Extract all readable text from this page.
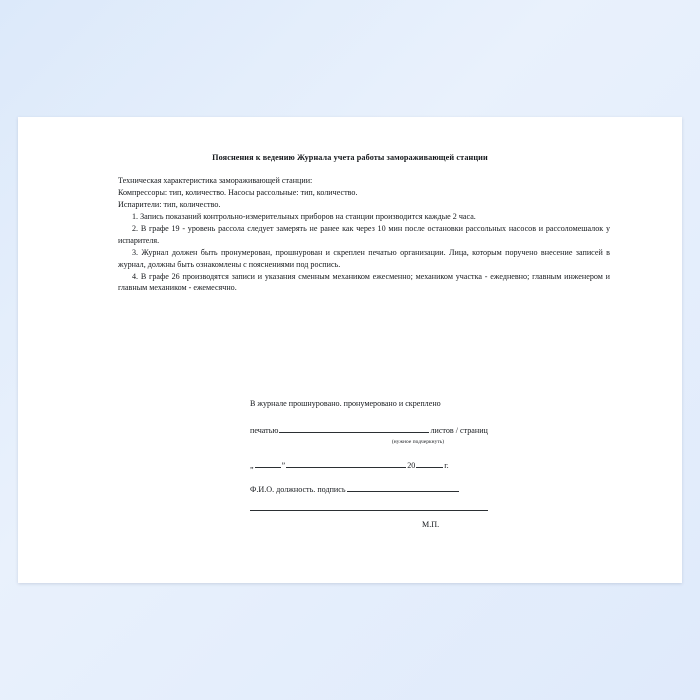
Пояснения к ведению Журнала учета работы замораживающей станции

Техническая характеристика замораживающей станции:

Компрессоры: тип, количество. Насосы рассольные: тип, количество.

Испарители: тип, количество.

1. Запись показаний контрольно-измерительных приборов на станции производится каждые 2 часа.

2. В графе 19 - уровень рассола следует замерять не ранее как через 10 мин после остановки рассольных насосов и рассоломешалок у испарителя.

3. Журнал должен быть пронумерован, прошнурован и скреплен печатью организации. Лица, которым поручено внесение записей в журнал, должны быть ознакомлены с пояснениями под роспись.

4. В графе 26 производятся записи и указания сменным механиком ежесменно; механиком участка - ежедневно; главным инженером и главным механиком - ежемесячно.

В журнале прошнуровано. пронумеровано и скреплено
печатью	листов / страниц
(нужное подчеркнуть)
„	”	20	г.
Ф.И.О. должность. подпись
М.П.
